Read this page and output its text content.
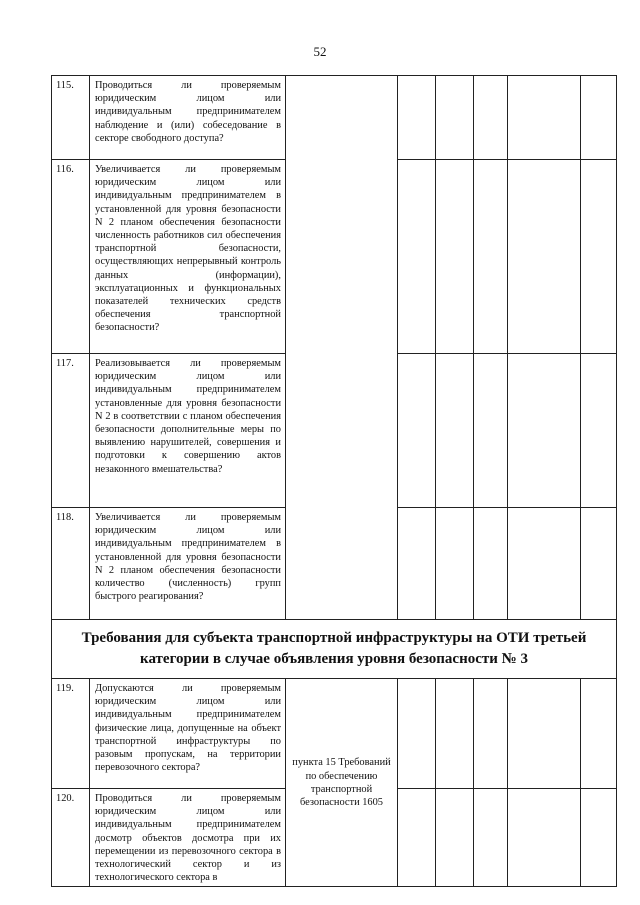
52
115.	Проводиться ли проверяемым юридическим лицом или индивидуальным предпринимателем наблюдение и (или) собеседование в секторе свободного доступа?						
116.	Увеличивается ли проверяемым юридическим лицом или индивидуальным предпринимателем в установленной для уровня безопасности N 2 планом обеспечения безопасности численность работников сил обеспечения транспортной безопасности, осуществляющих непрерывный контроль данных (информации), эксплуатационных и функциональных показателей технических средств обеспечения транспортной безопасности?						
117.	Реализовывается ли проверяемым юридическим лицом или индивидуальным предпринимателем установленные для уровня безопасности N 2 в соответствии с планом обеспечения безопасности дополнительные меры по выявлению нарушителей, совершения и подготовки к совершению актов незаконного вмешательства?						
118.	Увеличивается ли проверяемым юридическим лицом или индивидуальным предпринимателем в установленной для уровня безопасности N 2 планом обеспечения безопасности количество (численность) групп быстрого реагирования?						
Требования для субъекта транспортной инфраструктуры на ОТИ третьей категории в случае объявления уровня безопасности № 3							
119.	Допускаются ли проверяемым юридическим лицом или индивидуальным предпринимателем физические лица, допущенные на объект транспортной инфраструктуры по разовым пропускам, на территории перевозочного сектора?	пункта 15 Требований по обеспечению транспортной безопасности 1605					
120.	Проводиться ли проверяемым юридическим лицом или индивидуальным предпринимателем досмотр объектов досмотра при их перемещении из перевозочного сектора в технологический сектор и из технологического сектора в						
